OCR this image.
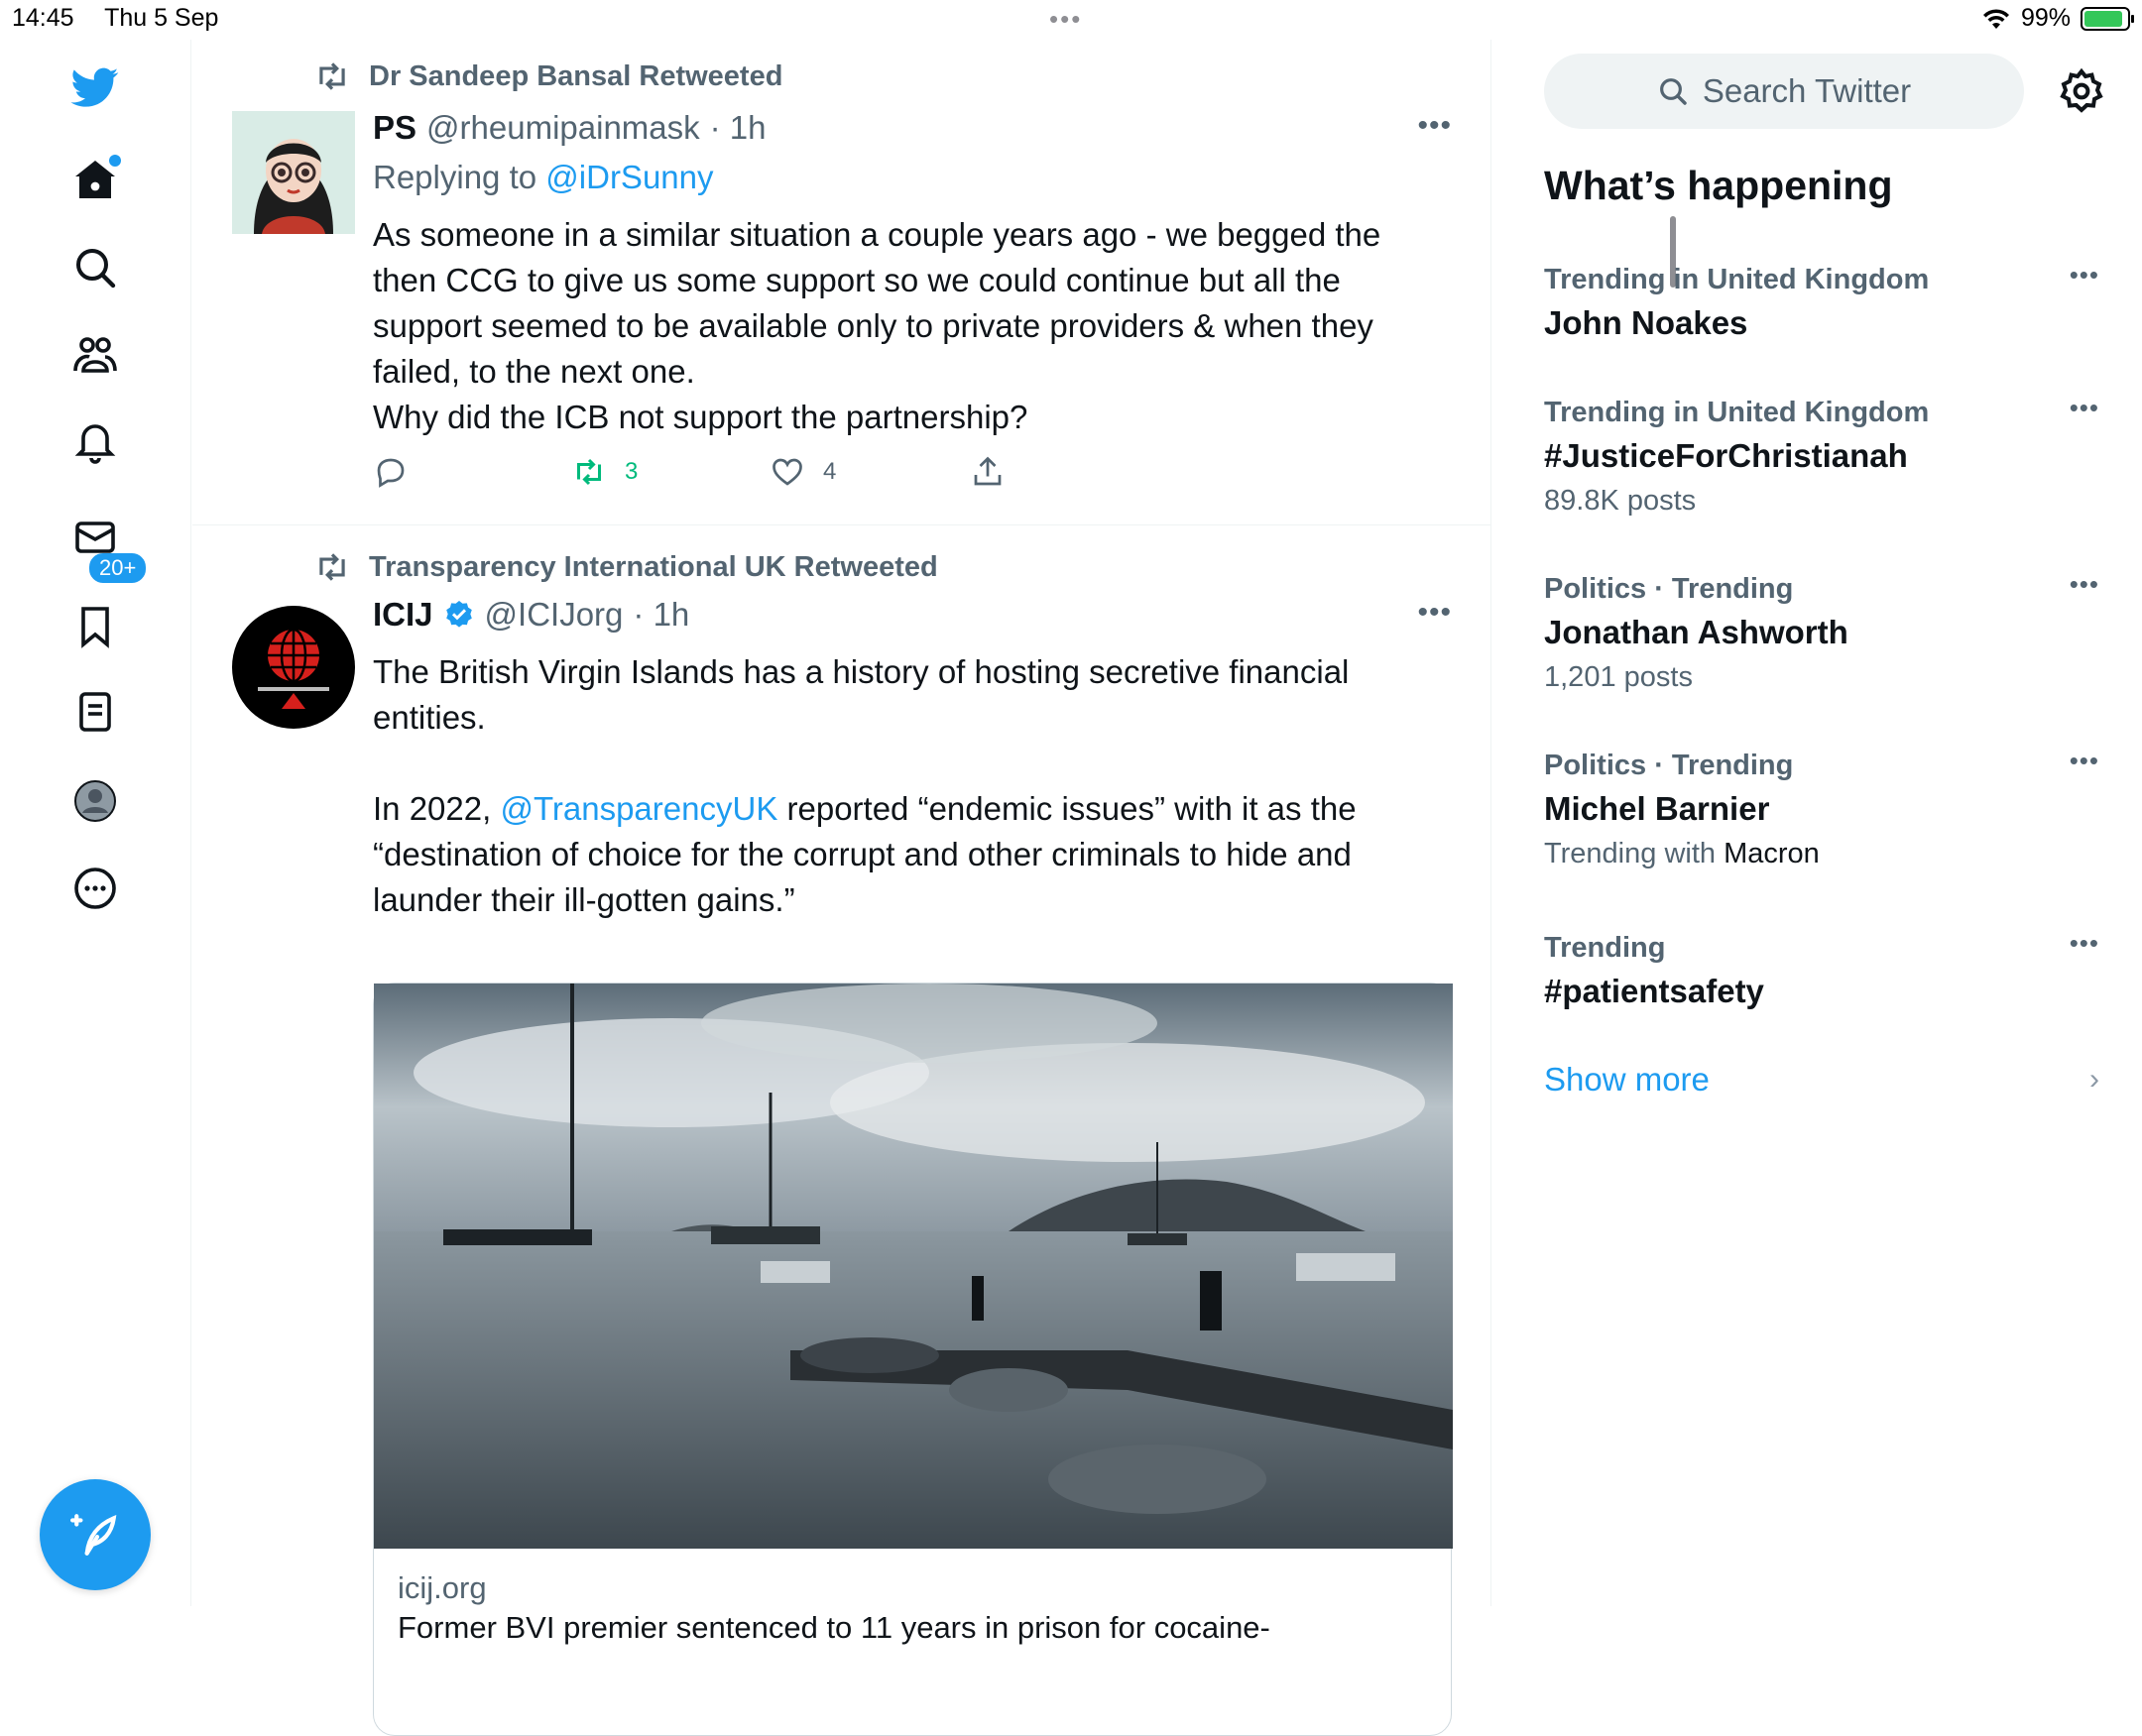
14:45 Thu 5 Sep	•••	99%
20+
Dr Sandeep Bansal Retweeted
PS @rheumipainmask · 1h	•••
Replying to @iDrSunny

As someone in a similar situation a couple years ago - we begged the

then CCG to give us some support so we could continue but all the

support seemed to be available only to private providers & when they

failed, to the next one.

Why did the ICB not support the partnership?

3	4
Transparency International UK Retweeted
ICIJ @ICIJorg · 1h	•••

The British Virgin Islands has a history of hosting secretive financial

entities.

In 2022, @TransparencyUK reported “endemic issues” with it as the

“destination of choice for the corrupt and other criminals to hide and

launder their ill-gotten gains.”

icij.org
Former BVI premier sentenced to 11 years in prison for cocaine-
Search Twitter
What’s happening
Trending in United Kingdom
John Noakes
•••
Trending in United Kingdom
#JusticeForChristianah
89.8K posts
•••
Politics · Trending
Jonathan Ashworth
1,201 posts
•••
Politics · Trending
Michel Barnier
Trending with Macron
•••
Trending
#patientsafety
•••
Show more	›
